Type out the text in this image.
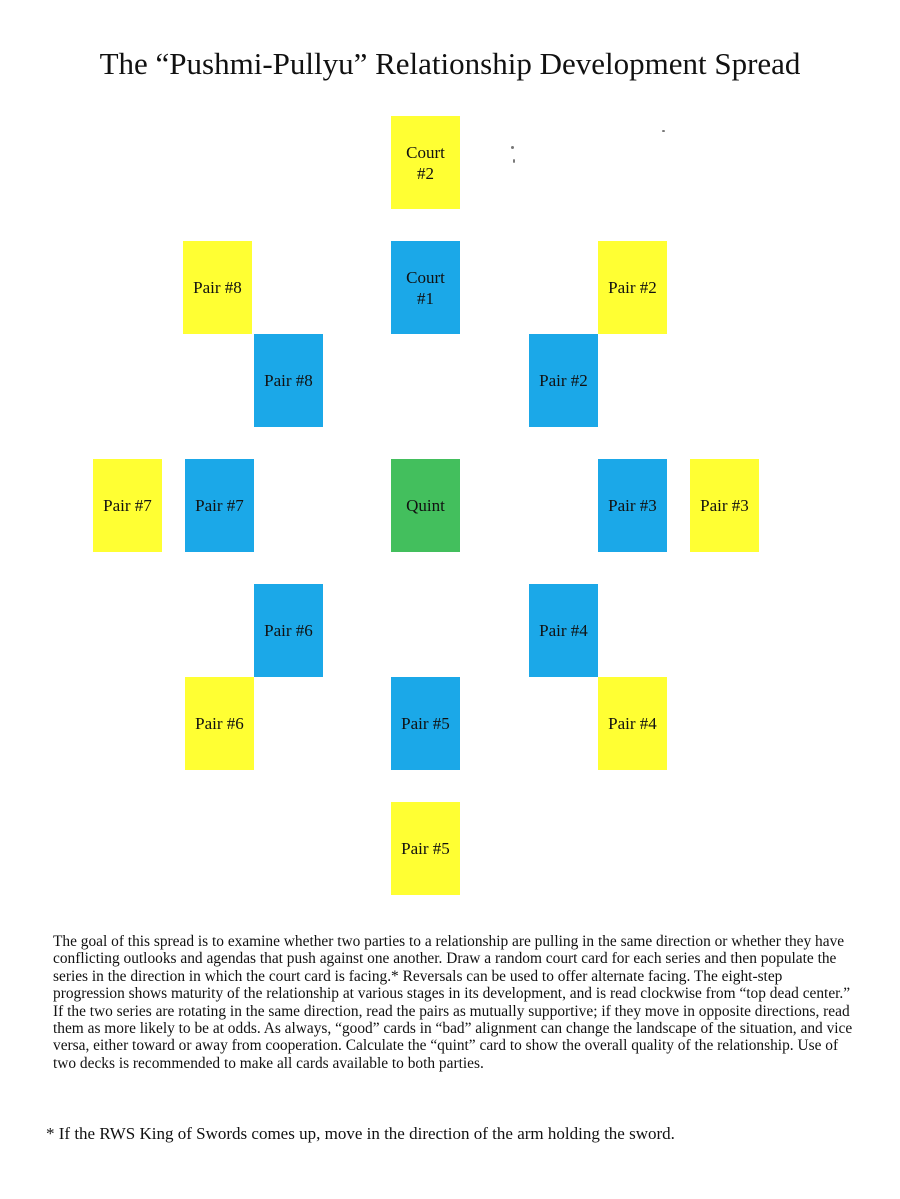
The “Pushmi-Pullyu” Relationship Development Spread
Court
#2
Court
#1
Pair #8	Pair #2
Pair #8	Pair #2
Pair #7	Pair #7	Quint	Pair #3	Pair #3
Pair #6	Pair #4
Pair #6	Pair #5	Pair #4
Pair #5
The goal of this spread is to examine whether two parties to a relationship are pulling in the same direction or whether they have conflicting outlooks and agendas that push against one another. Draw a random court card for each series and then populate the series in the direction in which the court card is facing.* Reversals can be used to offer alternate facing. The eight-step progression shows maturity of the relationship at various stages in its development, and is read clockwise from “top dead center.” If the two series are rotating in the same direction, read the pairs as mutually supportive; if they move in opposite directions, read them as more likely to be at odds. As always, “good” cards in “bad” alignment can change the landscape of the situation, and vice versa, either toward or away from cooperation. Calculate the “quint” card to show the overall quality of the relationship. Use of two decks is recommended to make all cards available to both parties.
* If the RWS King of Swords comes up, move in the direction of the arm holding the sword.
